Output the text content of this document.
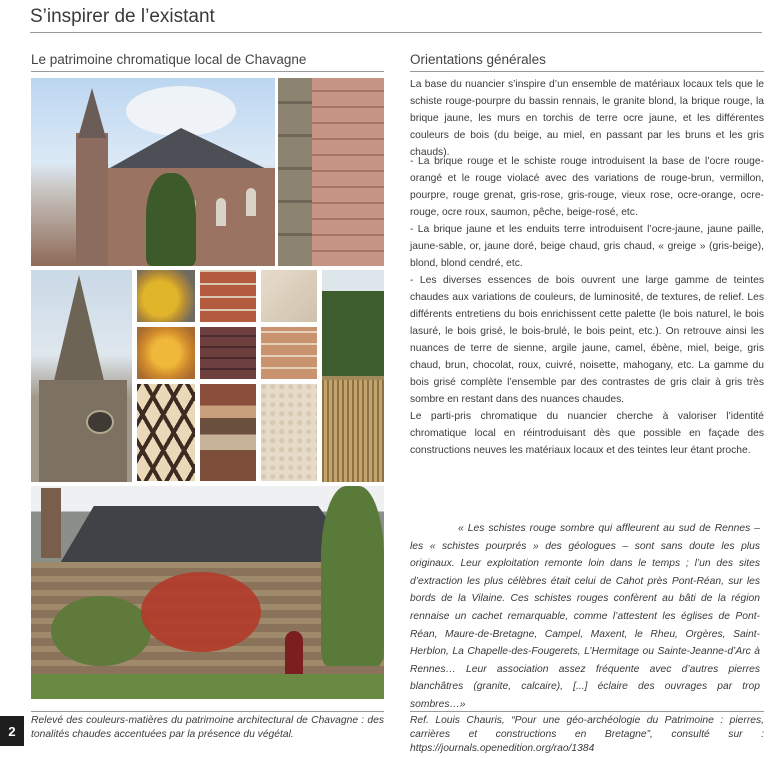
S’inspirer de l’existant
Le patrimoine chromatique local de Chavagne	Orientations générales

La base du nuancier s’inspire d’un ensemble de matériaux locaux tels que le schiste rouge-pourpre du bassin rennais, le granite blond, la brique rouge, la brique jaune, les murs en torchis de terre ocre jaune, et les différentes couleurs de bois (du beige, au miel, en passant par les bruns et les gris chauds).

- La brique rouge et le schiste rouge introduisent la base de l’ocre rouge-orangé et le rouge violacé avec des variations de rouge-brun, vermillon, pourpre, rouge grenat, gris-rose, gris-rouge, vieux rose, ocre-orange, ocre-rouge, ocre roux, saumon, pêche, beige-rosé, etc.
- La brique jaune et les enduits terre introduisent l’ocre-jaune, jaune paille, jaune-sable, or, jaune doré, beige chaud, gris chaud, « greige » (gris-beige), blond, blond cendré, etc.
- Les diverses essences de bois ouvrent une large gamme de teintes chaudes aux variations de couleurs, de luminosité, de textures, de relief. Les différents entretiens du bois enrichissent cette palette (le bois naturel, le bois lasuré, le bois grisé, le bois-brulé, le bois peint, etc.). On retrouve ainsi les nuances de terre de sienne, argile jaune, camel, ébène, miel, beige, gris chaud, brun, chocolat, roux, cuivré, noisette, mahogany, etc. La gamme du bois grisé complète l’ensemble par des contrastes de gris clair à gris très sombre en restant dans des nuances chaudes.

Le parti-pris chromatique du nuancier cherche à valoriser l’identité chromatique local en réintroduisant dès que possible en façade des constructions neuves les matériaux locaux et des teintes leur étant proche.

« Les schistes rouge sombre qui affleurent au sud de Rennes – les « schistes pourprés » des géologues – sont sans doute les plus originaux. Leur exploitation remonte loin dans le temps ; l’un des sites d’extraction les plus célèbres était celui de Cahot près Pont-Réan, sur les bords de la Vilaine. Ces schistes rouges confèrent au bâti de la région rennaise un cachet remarquable, comme l’attestent les églises de Pont-Réan, Maure-de-Bretagne, Campel, Maxent, le Rheu, Orgères, Saint-Herblon, La Chapelle-des-Fougerets, L’Hermitage ou Sainte-Jeanne-d’Arc à Rennes… Leur association assez fréquente avec d’autres pierres blanchâtres (granite, calcaire), [...] éclaire des ouvrages par trop sombres…»

2

Relevé des couleurs-matières du patrimoine architectural de Chavagne : des tonalités chaudes accentuées par la présence du végétal.

Ref. Louis Chauris, “Pour une géo-archéologie du Patrimoine : pierres, carrières et constructions en Bretagne”, consulté sur : https://journals.openedition.org/rao/1384
